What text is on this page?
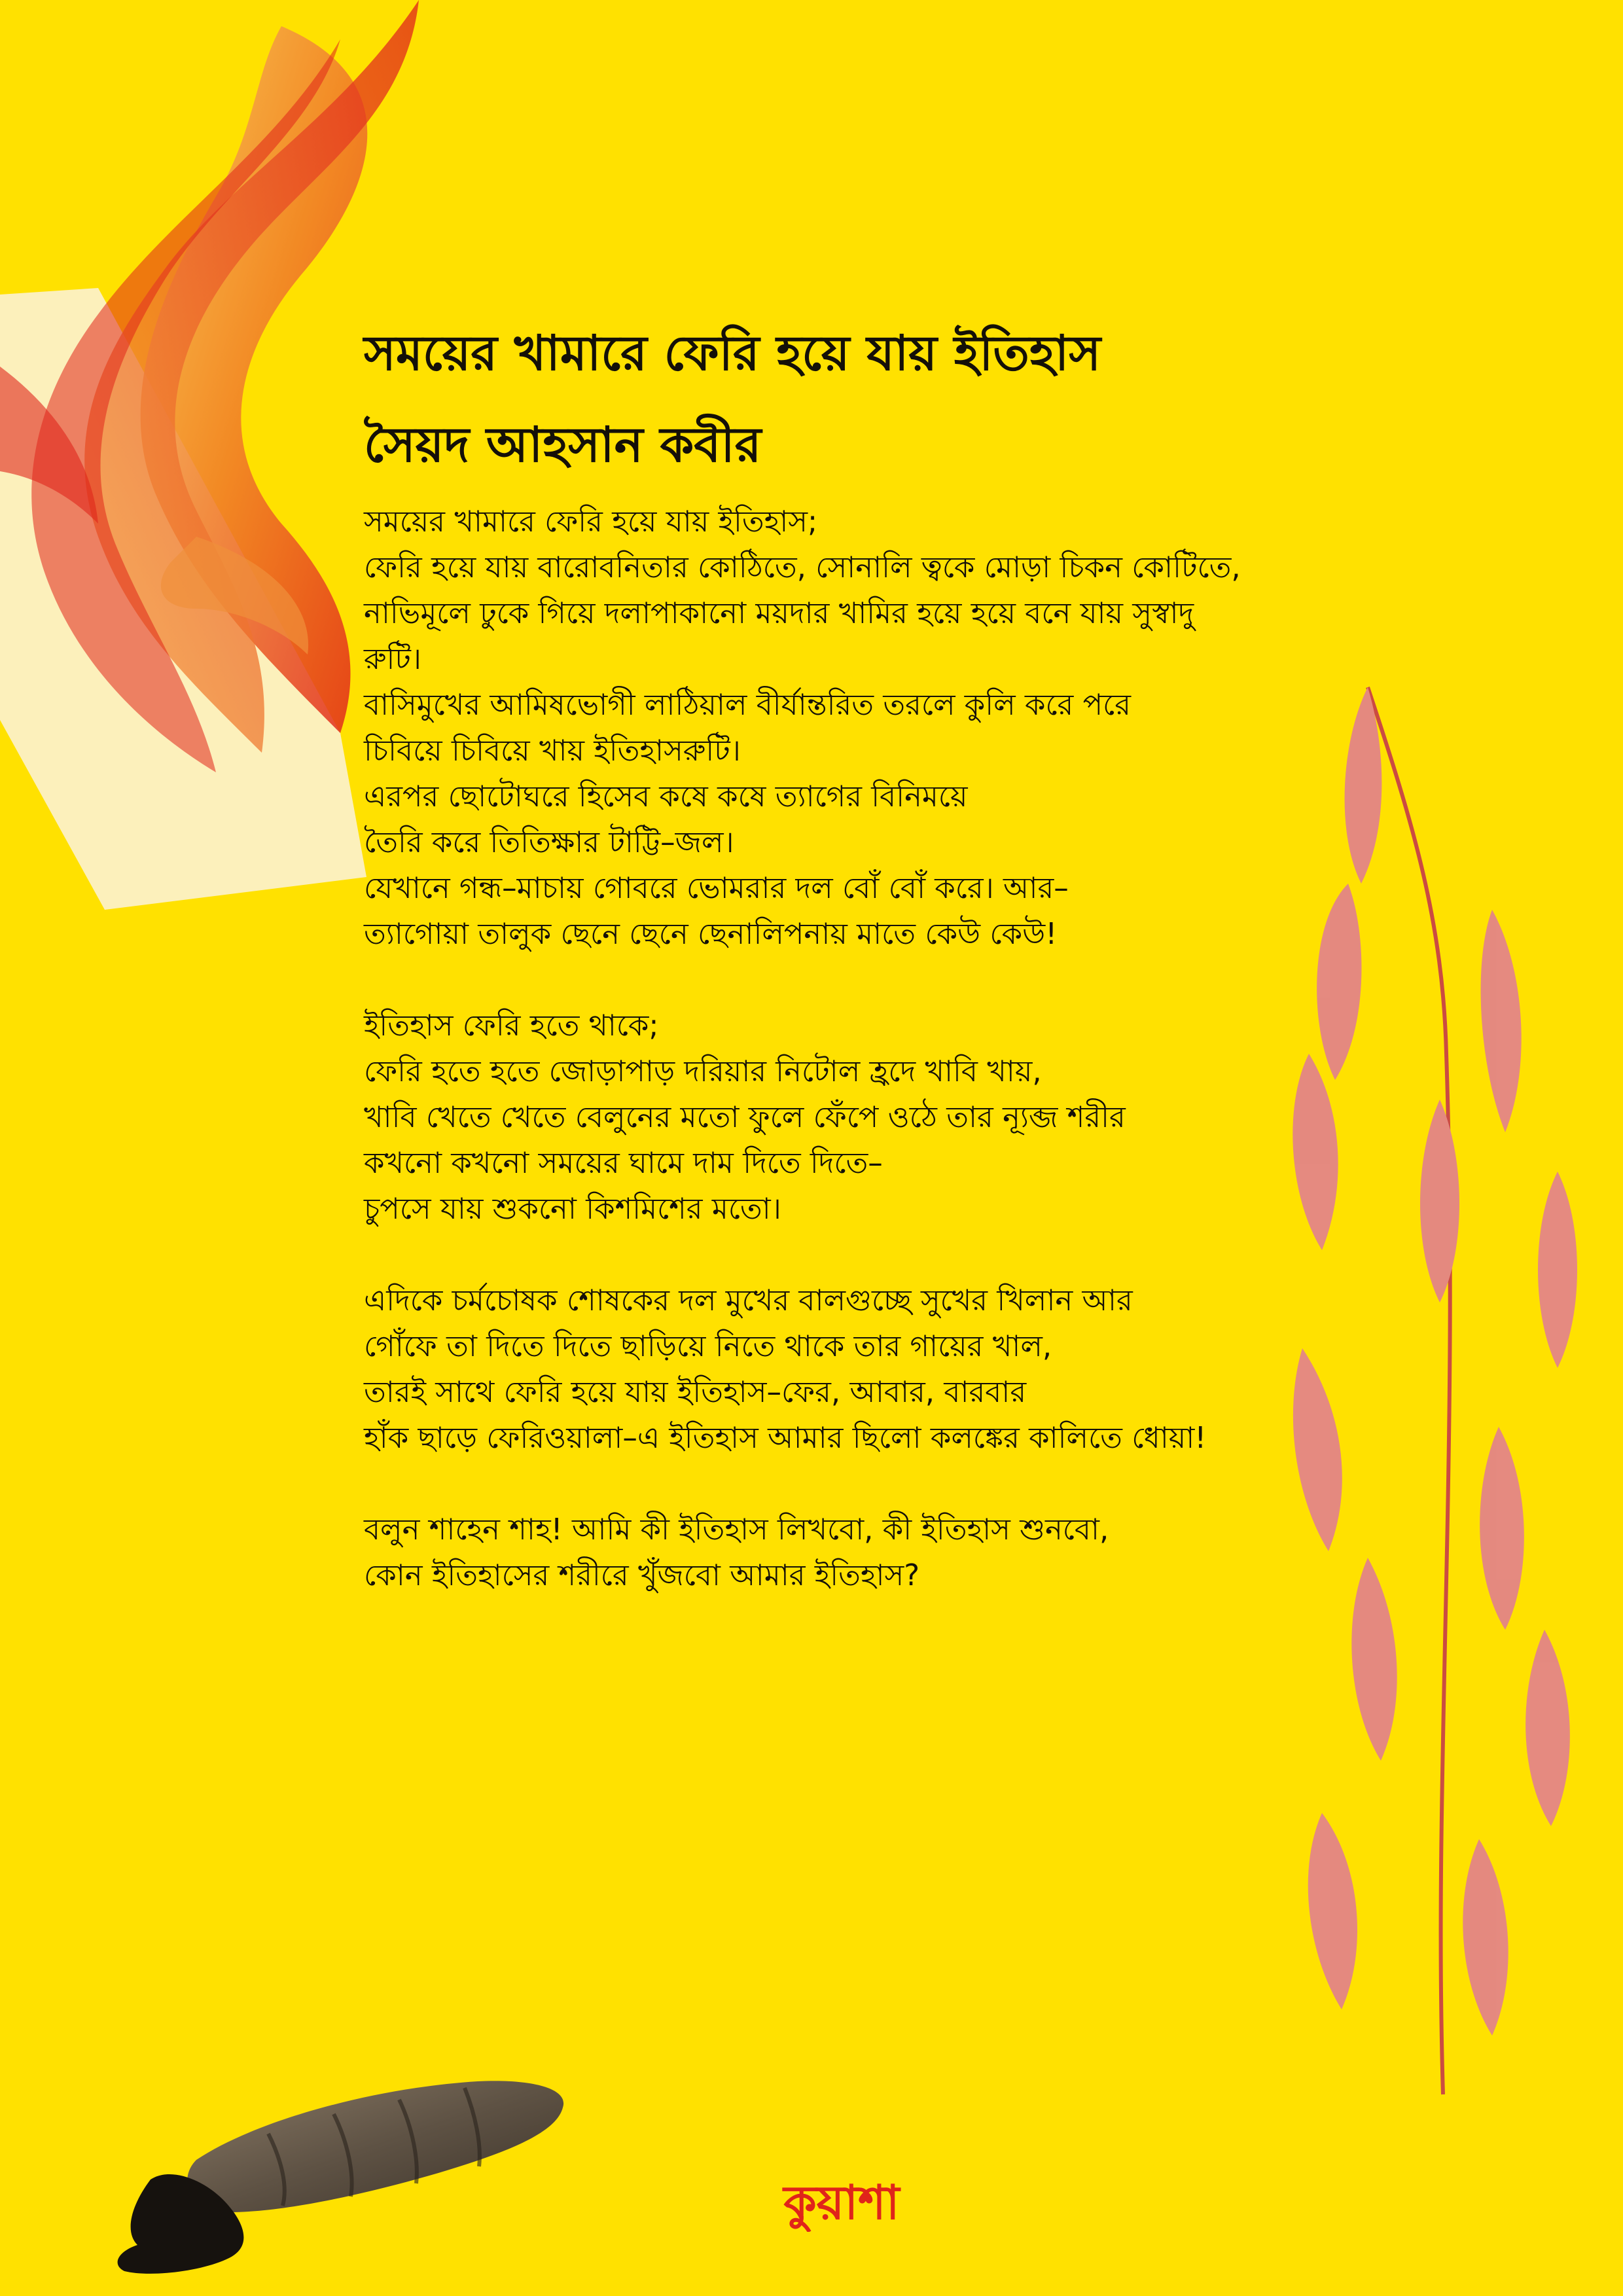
সময়ের খামারে ফেরি হয়ে যায় ইতিহাস
সৈয়দ আহসান কবীর
সময়ের খামারে ফেরি হয়ে যায় ইতিহাস;
ফেরি হয়ে যায় বারোবনিতার কোঠিতে, সোনালি ত্বকে মোড়া চিকন কোটিতে,
নাভিমূলে ঢুকে গিয়ে দলাপাকানো ময়দার খামির হয়ে হয়ে বনে যায় সুস্বাদু
রুটি।
বাসিমুখের আমিষভোগী লাঠিয়াল বীর্যান্তরিত তরলে কুলি করে পরে
চিবিয়ে চিবিয়ে খায় ইতিহাসরুটি।
এরপর ছোটোঘরে হিসেব কষে কষে ত্যাগের বিনিময়ে
তৈরি করে তিতিক্ষার টাট্টি–জল।
যেখানে গন্ধ–মাচায় গোবরে ভোমরার দল বোঁ বোঁ করে। আর–
ত্যাগোয়া তালুক ছেনে ছেনে ছেনালিপনায় মাতে কেউ কেউ!
ইতিহাস ফেরি হতে থাকে;
ফেরি হতে হতে জোড়াপাড় দরিয়ার নিটোল হ্রদে খাবি খায়,
খাবি খেতে খেতে বেলুনের মতো ফুলে ফেঁপে ওঠে তার ন্যূব্জ শরীর
কখনো কখনো সময়ের ঘামে দাম দিতে দিতে–
চুপসে যায় শুকনো কিশমিশের মতো।
এদিকে চর্মচোষক শোষকের দল মুখের বালগুচ্ছে সুখের খিলান আর
গোঁফে তা দিতে দিতে ছাড়িয়ে নিতে থাকে তার গায়ের খাল,
তারই সাথে ফেরি হয়ে যায় ইতিহাস–ফের, আবার, বারবার
হাঁক ছাড়ে ফেরিওয়ালা–এ ইতিহাস আমার ছিলো কলঙ্কের কালিতে ধোয়া!
বলুন শাহেন শাহ! আমি কী ইতিহাস লিখবো, কী ইতিহাস শুনবো,
কোন ইতিহাসের শরীরে খুঁজবো আমার ইতিহাস?
কুয়াশা
